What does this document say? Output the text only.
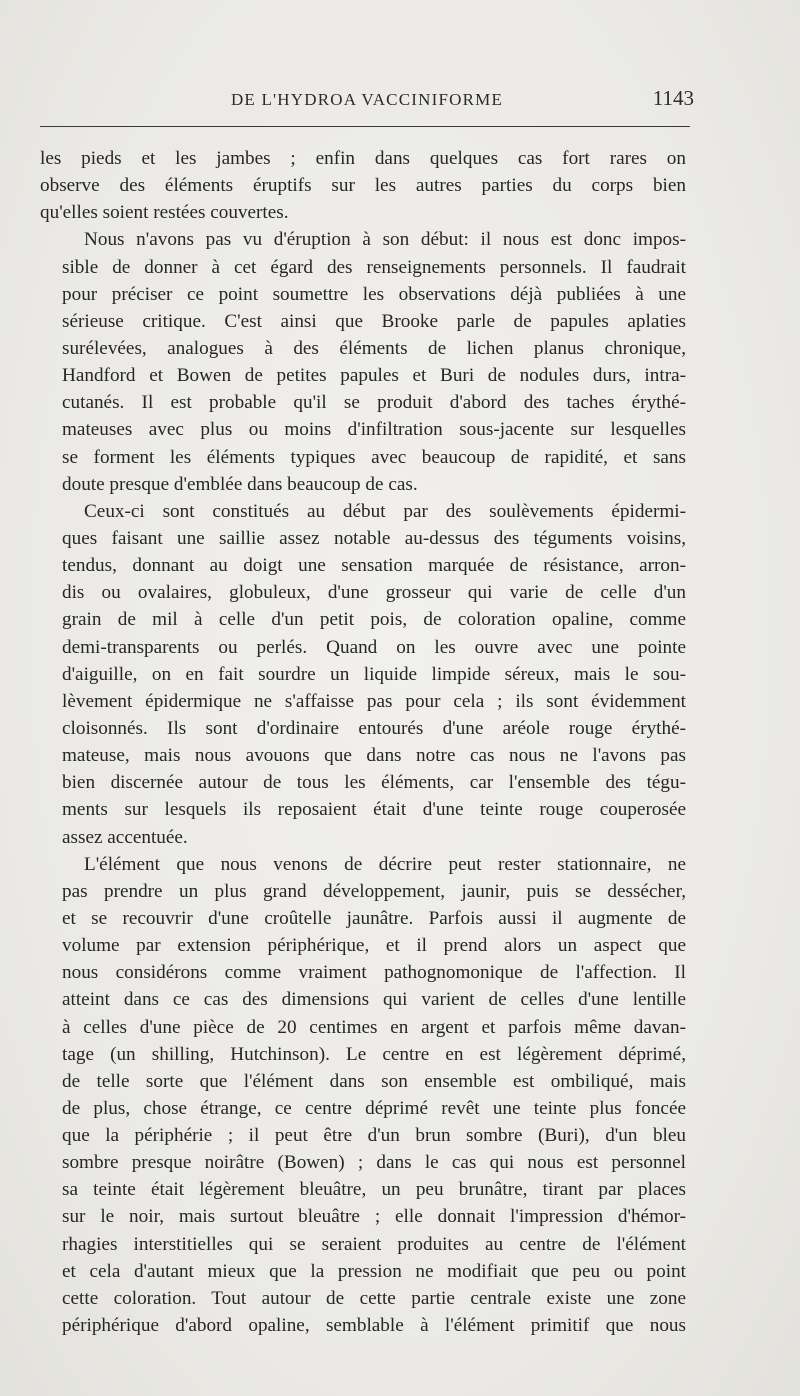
DE L'HYDROA VACCINIFORME	1143
les pieds et les jambes ; enfin dans quelques cas fort rares on
observe des éléments éruptifs sur les autres parties du corps bien
qu'elles soient restées couvertes.
Nous n'avons pas vu d'éruption à son début: il nous est donc impos-
sible de donner à cet égard des renseignements personnels. Il faudrait
pour préciser ce point soumettre les observations déjà publiées à une
sérieuse critique. C'est ainsi que Brooke parle de papules aplaties
surélevées, analogues à des éléments de lichen planus chronique,
Handford et Bowen de petites papules et Buri de nodules durs, intra-
cutanés. Il est probable qu'il se produit d'abord des taches érythé-
mateuses avec plus ou moins d'infiltration sous-jacente sur lesquelles
se forment les éléments typiques avec beaucoup de rapidité, et sans
doute presque d'emblée dans beaucoup de cas.
Ceux-ci sont constitués au début par des soulèvements épidermi-
ques faisant une saillie assez notable au-dessus des téguments voisins,
tendus, donnant au doigt une sensation marquée de résistance, arron-
dis ou ovalaires, globuleux, d'une grosseur qui varie de celle d'un
grain de mil à celle d'un petit pois, de coloration opaline, comme
demi-transparents ou perlés. Quand on les ouvre avec une pointe
d'aiguille, on en fait sourdre un liquide limpide séreux, mais le sou-
lèvement épidermique ne s'affaisse pas pour cela ; ils sont évidemment
cloisonnés. Ils sont d'ordinaire entourés d'une aréole rouge érythé-
mateuse, mais nous avouons que dans notre cas nous ne l'avons pas
bien discernée autour de tous les éléments, car l'ensemble des tégu-
ments sur lesquels ils reposaient était d'une teinte rouge couperosée
assez accentuée.
L'élément que nous venons de décrire peut rester stationnaire, ne
pas prendre un plus grand développement, jaunir, puis se dessécher,
et se recouvrir d'une croûtelle jaunâtre. Parfois aussi il augmente de
volume par extension périphérique, et il prend alors un aspect que
nous considérons comme vraiment pathognomonique de l'affection. Il
atteint dans ce cas des dimensions qui varient de celles d'une lentille
à celles d'une pièce de 20 centimes en argent et parfois même davan-
tage (un shilling, Hutchinson). Le centre en est légèrement déprimé,
de telle sorte que l'élément dans son ensemble est ombiliqué, mais
de plus, chose étrange, ce centre déprimé revêt une teinte plus foncée
que la périphérie ; il peut être d'un brun sombre (Buri), d'un bleu
sombre presque noirâtre (Bowen) ; dans le cas qui nous est personnel
sa teinte était légèrement bleuâtre, un peu brunâtre, tirant par places
sur le noir, mais surtout bleuâtre ; elle donnait l'impression d'hémor-
rhagies interstitielles qui se seraient produites au centre de l'élément
et cela d'autant mieux que la pression ne modifiait que peu ou point
cette coloration. Tout autour de cette partie centrale existe une zone
périphérique d'abord opaline, semblable à l'élément primitif que nous
